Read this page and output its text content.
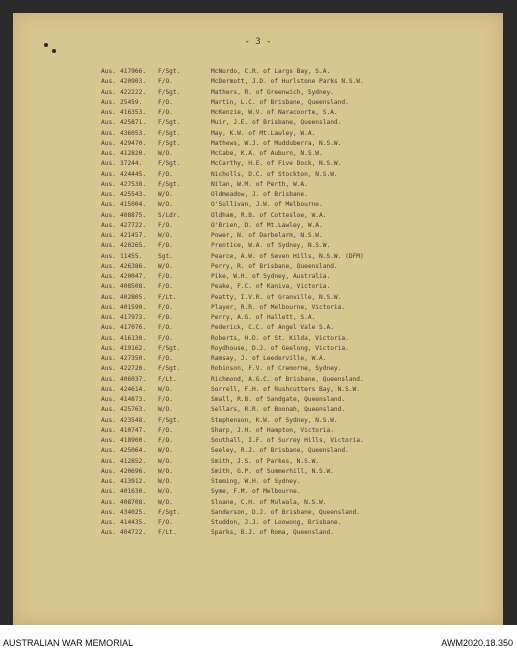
- 3 -
Aus. 417966. F/Sgt.	McNurdo, C.R. of Largs Bay, S.A.
Aus. 420903. F/O.	McDermott, J.D. of Hurlstone Parks N.S.W.
Aus. 422222. F/Sgt.	Mathers, R. of Greenwich, Sydney.
Aus. 25459.	F/O.	Martin, L.C. of Brisbane, Queensland.
Aus. 416353. F/O.	McKenzie, W.V. of Naracoorte, S.A.
Aus. 425871. F/Sgt.	Muir, J.E. of Brisbane, Queensland.
Aus. 436053. F/Sgt.	May, K.W. of Mt.Lawley, W.A.
Aus. 429470. F/Sgt.	Mathews, W.J. of Mudduberra, N.S.W.
Aus. 412820. W/O.	McCabe, K.A. of Auburn, N.S.W.
Aus. 37244.	F/Sgt.	McCarthy, H.E. of Five Dock, N.S.W.
Aus. 424445. F/O.	Nicholls, D.C. of Stockton, N.S.W.
Aus. 427538. F/Sgt.	Nilan, W.M. of Perth, W.A.
Aus. 425543. W/O.	Oldmeadow, J. of Brisbane.
Aus. 415004. W/O.	O'Sullivan, J.W. of Melbourne.
Aus. 408875. S/Ldr.	Oldham, R.B. of Cottesloe, W.A.
Aus. 427722. F/O.	O'Brien, D. of Mt.Lawley, W.A.
Aus. 421457. W/O.	Power, N. of Darbelarm, N.S.W.
Aus. 420265. F/O.	Prentice, W.A. of Sydney, N.S.W.
Aus. 11455.	Sgt.	Pearce, A.W. of Seven Hills, N.S.W. (DFM)
Aus. 426386. W/O.	Perry, R. of Brisbane, Queensland.
Aus. 420047. F/O.	Pike, W.H. of Sydney, Australia.
Aus. 408508. F/O.	Peake, F.C. of Kaniva, Victoria.
Aus. 402805. F/Lt.	Peatty, I.V.R. of Granville, N.S.W.
Aus. 401590. F/O.	Player, R.R. of Melbourne, Victoria.
Aus. 417973. F/O.	Perry, A.G. of Hallett, S.A.
Aus. 417076. F/O.	Pederick, C.C. of Angel Vale S.A.
Aus. 416130. F/O.	Roberts, H.D. of St. Kilda, Victoria.
Aus. 419162. F/Sgt.	Roydhouse, D.J. of Geelong, Victoria.
Aus. 427350. F/O.	Ramsay, J. of Leederville, W.A.
Aus. 422720. F/Sgt.	Robinson, F.V. of Cremorne, Sydney.
Aus. 406037. F/Lt.	Richmond, A.G.C. of Brisbane, Queensland.
Aus. 424614. W/O.	Sorrell, F.H. of Rushcutters Bay, N.S.W.
Aus. 414873. F/O.	Small, R.B. of Sandgate, Queensland.
Aus. 425763. W/O.	Sellars, R.R. of Boonah, Queensland.
Aus. 423548. F/Sgt.	Stephenson, K.W. of Sydney, N.S.W.
Aus. 410747. F/O.	Sharp, J.H. of Hampton, Victoria.
Aus. 418900. F/O.	Southall, I.F. of Surrey Hills, Victoria.
Aus. 425064. W/O.	Seeley, R.J. of Brisbane, Queensland.
Aus. 412852. W/O.	Smith, J.S. of Parkes, N.S.W.
Aus. 420696. W/O.	Smith, G.P. of Summerhill, N.S.W.
Aus. 413912. W/O.	Steming, W.H. of Sydney.
Aus. 401630. W/O.	Syme, F.M. of Melbourne.
Aus. 408708. W/O.	Sloane, C.H. of Mulwala, N.S.W.
Aus. 434025. F/Sgt.	Sanderson, D.J. of Brisbane, Queensland.
Aus. 414435. F/O.	Studdon, J.J. of Loowong, Brisbane.
Aus. 404722. F/Lt.	Sparks, B.J. of Roma, Queensland.
AUSTRALIAN WAR MEMORIAL	AWM2020.18.350
